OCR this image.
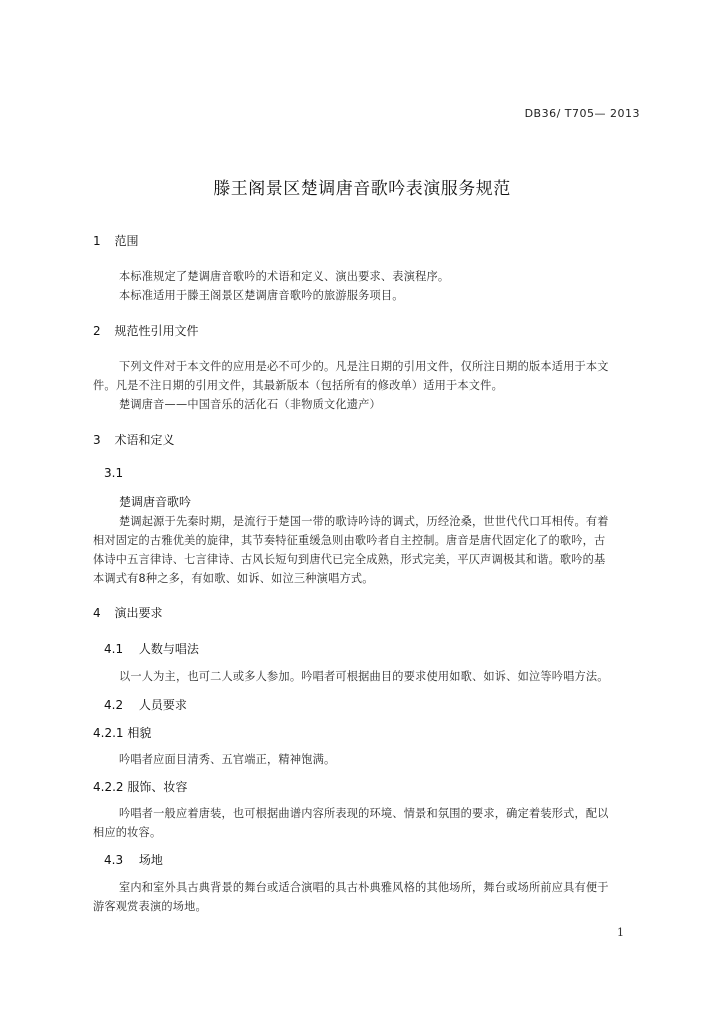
DB36/ T705— 2013
滕王阁景区楚调唐音歌吟表演服务规范
1 范围
本标准规定了楚调唐音歌吟的术语和定义、演出要求、表演程序。
本标准适用于滕王阁景区楚调唐音歌吟的旅游服务项目。
2 规范性引用文件
下列文件对于本文件的应用是必不可少的。凡是注日期的引用文件，仅所注日期的版本适用于本文
件。凡是不注日期的引用文件，其最新版本（包括所有的修改单）适用于本文件。
楚调唐音——中国音乐的活化石（非物质文化遗产）
3 术语和定义
3.1
楚调唐音歌吟
楚调起源于先秦时期，是流行于楚国一带的歌诗吟诗的调式，历经沧桑，世世代代口耳相传。有着
相对固定的古雅优美的旋律，其节奏特征重缓急则由歌吟者自主控制。唐音是唐代固定化了的歌吟，古
体诗中五言律诗、七言律诗、古风长短句到唐代已完全成熟，形式完美，平仄声调极其和谐。歌吟的基
本调式有8种之多，有如歌、如诉、如泣三种演唱方式。
4 演出要求
4.1 人数与唱法
以一人为主，也可二人或多人参加。吟唱者可根据曲目的要求使用如歌、如诉、如泣等吟唱方法。
4.2 人员要求
4.2.1 相貌
吟唱者应面目清秀、五官端正，精神饱满。
4.2.2 服饰、妆容
吟唱者一般应着唐装，也可根据曲谱内容所表现的环境、情景和氛围的要求，确定着装形式，配以
相应的妆容。
4.3 场地
室内和室外具古典背景的舞台或适合演唱的具古朴典雅风格的其他场所，舞台或场所前应具有便于
游客观赏表演的场地。
1
